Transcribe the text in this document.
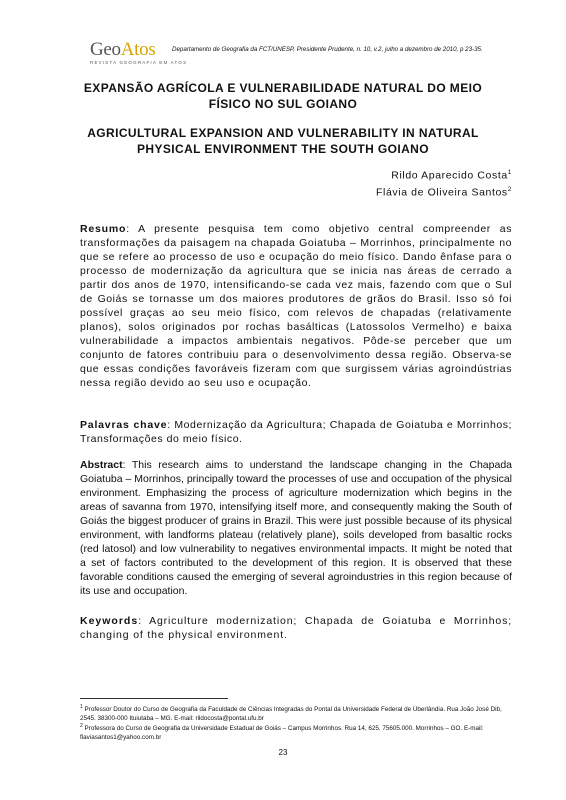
GeoAtos
REVISTA GEOGRAFIA EM ATOS
Departamento de Geografia da FCT/UNESP, Presidente Prudente, n. 10, v.2, julho a dezembro de 2010, p 23-35.
EXPANSÃO AGRÍCOLA E VULNERABILIDADE NATURAL DO MEIO FÍSICO NO SUL GOIANO
AGRICULTURAL EXPANSION AND VULNERABILITY IN NATURAL PHYSICAL ENVIRONMENT THE SOUTH GOIANO
Rildo Aparecido Costa$^1$
Flávia de Oliveira Santos$^2$
Resumo: A presente pesquisa tem como objetivo central compreender as transformações da paisagem na chapada Goiatuba – Morrinhos, principalmente no que se refere ao processo de uso e ocupação do meio físico. Dando ênfase para o processo de modernização da agricultura que se inicia nas áreas de cerrado a partir dos anos de 1970, intensificando-se cada vez mais, fazendo com que o Sul de Goiás se tornasse um dos maiores produtores de grãos do Brasil. Isso só foi possível graças ao seu meio físico, com relevos de chapadas (relativamente planos), solos originados por rochas basálticas (Latossolos Vermelho) e baixa vulnerabilidade a impactos ambientais negativos. Pôde-se perceber que um conjunto de fatores contribuiu para o desenvolvimento dessa região. Observa-se que essas condições favoráveis fizeram com que surgissem várias agroindústrias nessa região devido ao seu uso e ocupação.
Palavras chave: Modernização da Agricultura; Chapada de Goiatuba e Morrinhos; Transformações do meio físico.
Abstract: This research aims to understand the landscape changing in the Chapada Goiatuba – Morrinhos, principally toward the processes of use and occupation of the physical environment. Emphasizing the process of agriculture modernization which begins in the areas of savanna from 1970, intensifying itself more, and consequently making the South of Goiás the biggest producer of grains in Brazil. This were just possible because of its physical environment, with landforms plateau (relatively plane), soils developed from basaltic rocks (red latosol) and low vulnerability to negatives environmental impacts. It might be noted that a set of factors contributed to the development of this region. It is observed that these favorable conditions caused the emerging of several agroindustries in this region because of its use and occupation.
Keywords: Agriculture modernization; Chapada de Goiatuba e Morrinhos; changing of the physical environment.
$^1$ Professor Doutor do Curso de Geografia da Faculdade de Ciências Integradas do Pontal da Universidade Federal de Uberlândia. Rua João José Dib, 2545. 38300-000 Ituiutaba – MG. E-mail: rildocosta@pontal.ufu.br
$^2$ Professora do Curso de Geografia da Universidade Estadual de Goiás – Campus Morrinhos. Rua 14, 625. 75605.000. Morrinhos – GO. E-mail: flaviasantos1@yahoo.com.br
23
